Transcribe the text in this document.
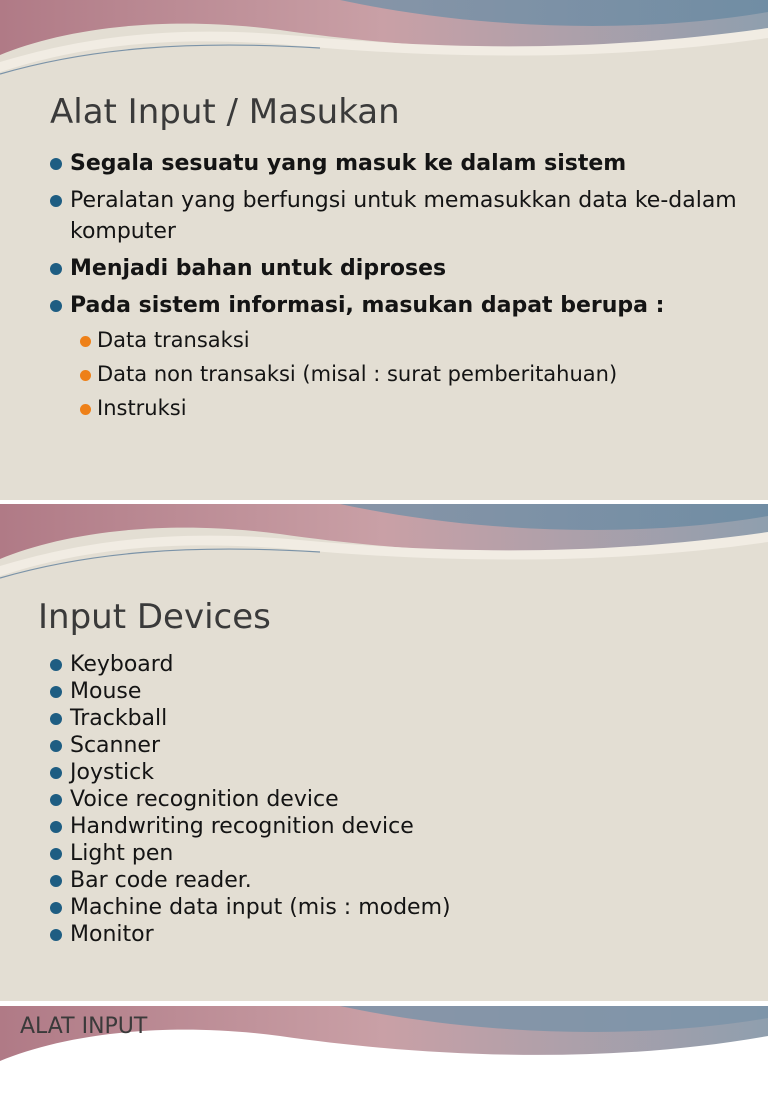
Alat Input / Masukan
Segala sesuatu yang masuk ke dalam sistem
Peralatan yang berfungsi untuk memasukkan data ke-dalam komputer
Menjadi bahan untuk diproses
Pada sistem informasi, masukan dapat berupa :
Data transaksi
Data non transaksi (misal : surat pemberitahuan)
Instruksi
Input Devices
Keyboard
Mouse
Trackball
Scanner
Joystick
Voice recognition device
Handwriting recognition device
Light pen
Bar code reader.
Machine data input (mis : modem)
Monitor
ALAT INPUT
